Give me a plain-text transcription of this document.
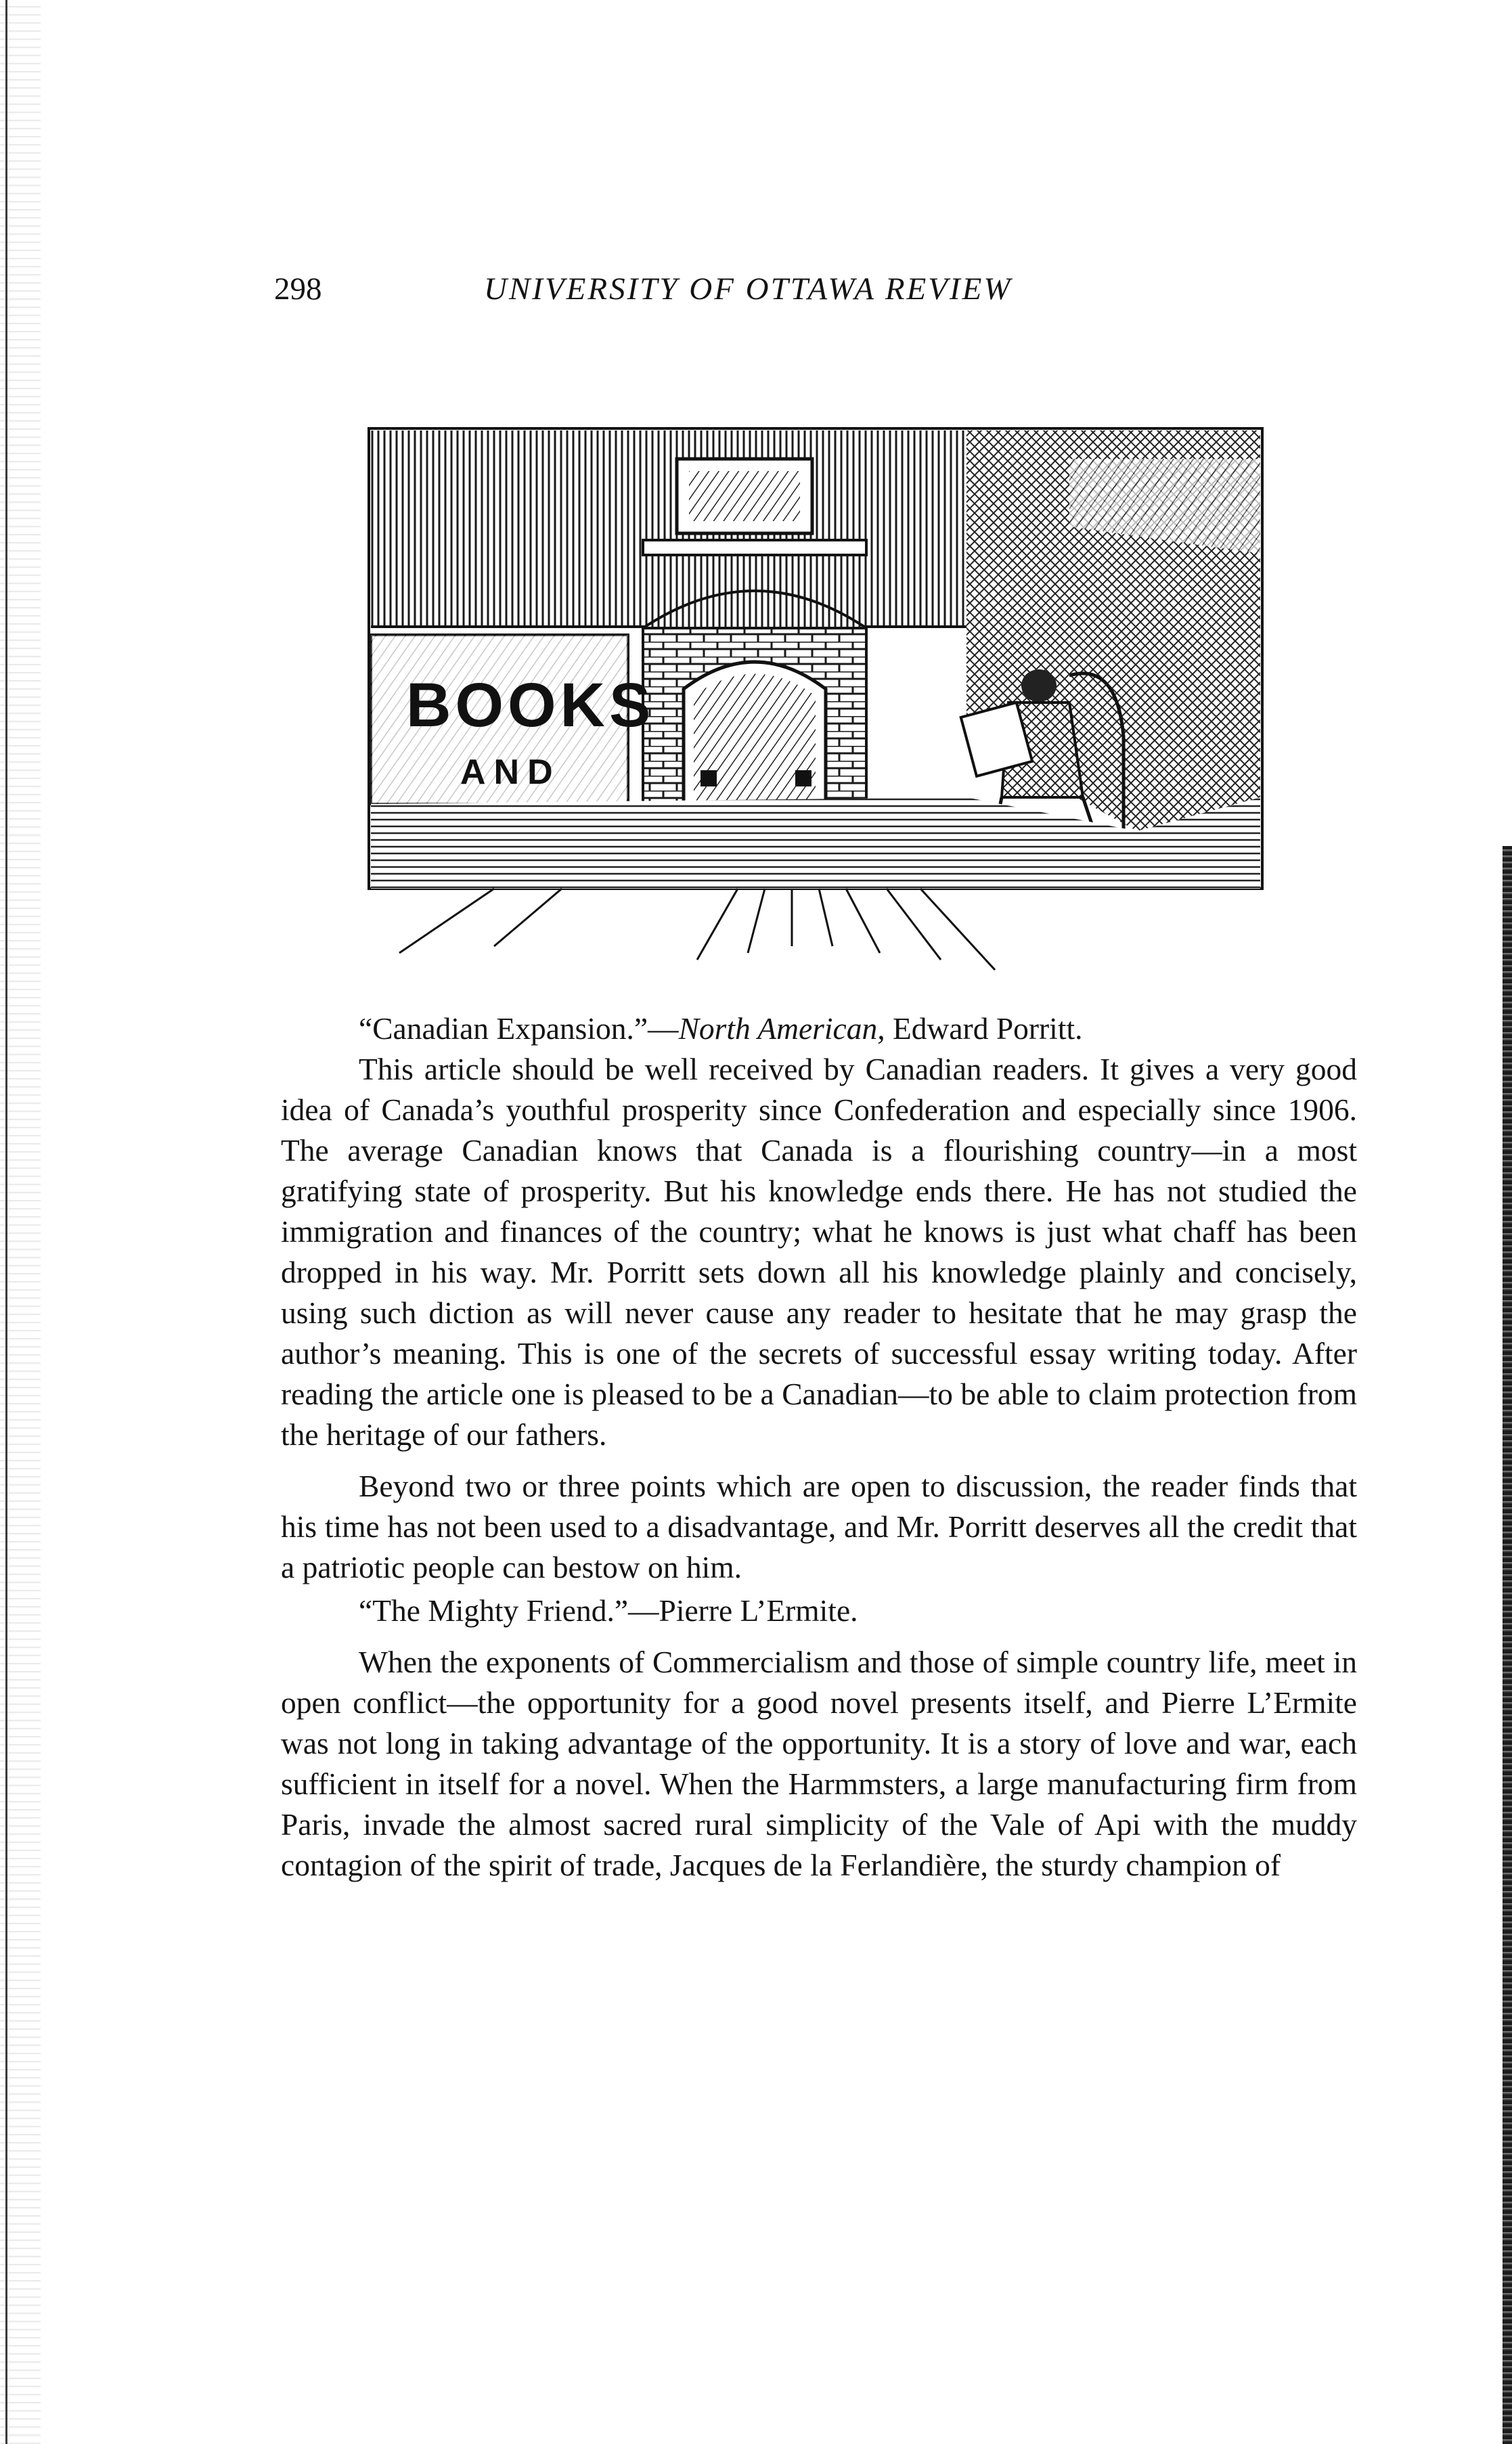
298	UNIVERSITY OF OTTAWA REVIEW
BOOKS
AND

“Canadian Expansion.”—North American, Edward Porritt.

This article should be well received by Canadian readers. It gives a very good idea of Canada’s youthful prosperity since Confederation and especially since 1906. The average Canadian knows that Canada is a flourishing country—in a most gratifying state of prosperity. But his knowledge ends there. He has not studied the immigration and finances of the country; what he knows is just what chaff has been dropped in his way. Mr. Porritt sets down all his knowledge plainly and concisely, using such diction as will never cause any reader to hesitate that he may grasp the author’s meaning. This is one of the secrets of successful essay writing today. After reading the article one is pleased to be a Canadian—to be able to claim protection from the heritage of our fathers.

Beyond two or three points which are open to discussion, the reader finds that his time has not been used to a disadvantage, and Mr. Porritt deserves all the credit that a patriotic people can bestow on him.

“The Mighty Friend.”—Pierre L’Ermite.

When the exponents of Commercialism and those of simple country life, meet in open conflict—the opportunity for a good novel presents itself, and Pierre L’Ermite was not long in taking advantage of the opportunity. It is a story of love and war, each sufficient in itself for a novel. When the Harmmsters, a large manufacturing firm from Paris, invade the almost sacred rural simplicity of the Vale of Api with the muddy contagion of the spirit of trade, Jacques de la Ferlandière, the sturdy champion of
